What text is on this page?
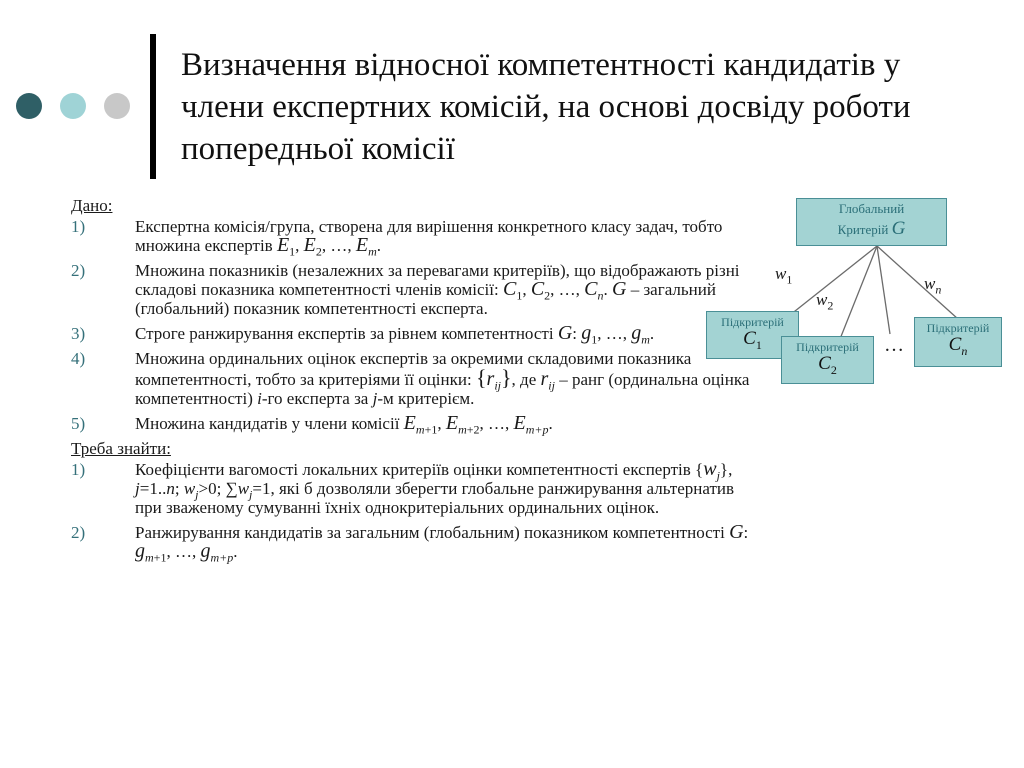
Визначення відносної компетентності кандидатів у члени експертних комісій, на основі досвіду роботи попередньої комісії
Дано:
1)	Експертна комісія/група, створена для вирішення конкретного класу задач, тобто множина експертів $E_1$, $E_2$, …, $E_m$.
2)	Множина показників (незалежних за перевагами критеріїв), що відображають різні складові показника компетентності членів комісії: $C_1$, $C_2$, …, $C_n$. G – загальний (глобальний) показник компетентності експерта.
3)	Строге ранжирування експертів за рівнем компетентності G: $g_1$, …, $g_m$.
4)	Множина ординальних оцінок експертів за окремими складовими показника компетентності, тобто за критеріями її оцінки: $\{r_{ij}\}$, де $r_{ij}$ – ранг (ординальна оцінка компетентності) i-го експерта за j-м критерієм.
5)	Множина кандидатів у члени комісії $E_{m+1}$, $E_{m+2}$, …, $E_{m+p}$.
Треба знайти:
1)	Коефіцієнти вагомості локальних критеріїв оцінки компетентності експертів $\{w_j\}$, j=1..n; $w_j>0$; $\sum w_j=1$, які б дозволяли зберегти глобальне ранжирування альтернатив при зваженому сумуванні їхніх однокритеріальних ординальних оцінок.
2)	Ранжирування кандидатів за загальним (глобальним) показником компетентності G: $g_{m+1}$, …, $g_{m+p}$.
Глобальний
Критерій G
Підкритерій
$C_1$	Підкритерій
$C_2$
Підкритерій
$C_n$
…
$w_1$
$w_2$
$w_n$
